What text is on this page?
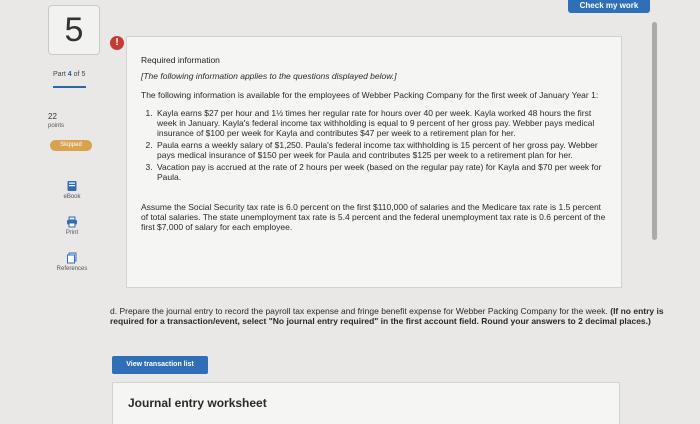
Check my work
5
Part 4 of 5
22
points
Skipped
eBook
Print
References
!
Required information
[The following information applies to the questions displayed below.]
The following information is available for the employees of Webber Packing Company for the first week of January Year 1:
1. Kayla earns $27 per hour and 1½ times her regular rate for hours over 40 per week. Kayla worked 48 hours the first week in January. Kayla's federal income tax withholding is equal to 9 percent of her gross pay. Webber pays medical insurance of $100 per week for Kayla and contributes $47 per week to a retirement plan for her.
2. Paula earns a weekly salary of $1,250. Paula's federal income tax withholding is 15 percent of her gross pay. Webber pays medical insurance of $150 per week for Paula and contributes $125 per week to a retirement plan for her.
3. Vacation pay is accrued at the rate of 2 hours per week (based on the regular pay rate) for Kayla and $70 per week for Paula.
Assume the Social Security tax rate is 6.0 percent on the first $110,000 of salaries and the Medicare tax rate is 1.5 percent of total salaries. The state unemployment tax rate is 5.4 percent and the federal unemployment tax rate is 0.6 percent of the first $7,000 of salary for each employee.
d. Prepare the journal entry to record the payroll tax expense and fringe benefit expense for Webber Packing Company for the week. (If no entry is required for a transaction/event, select "No journal entry required" in the first account field. Round your answers to 2 decimal places.)
View transaction list
Journal entry worksheet
